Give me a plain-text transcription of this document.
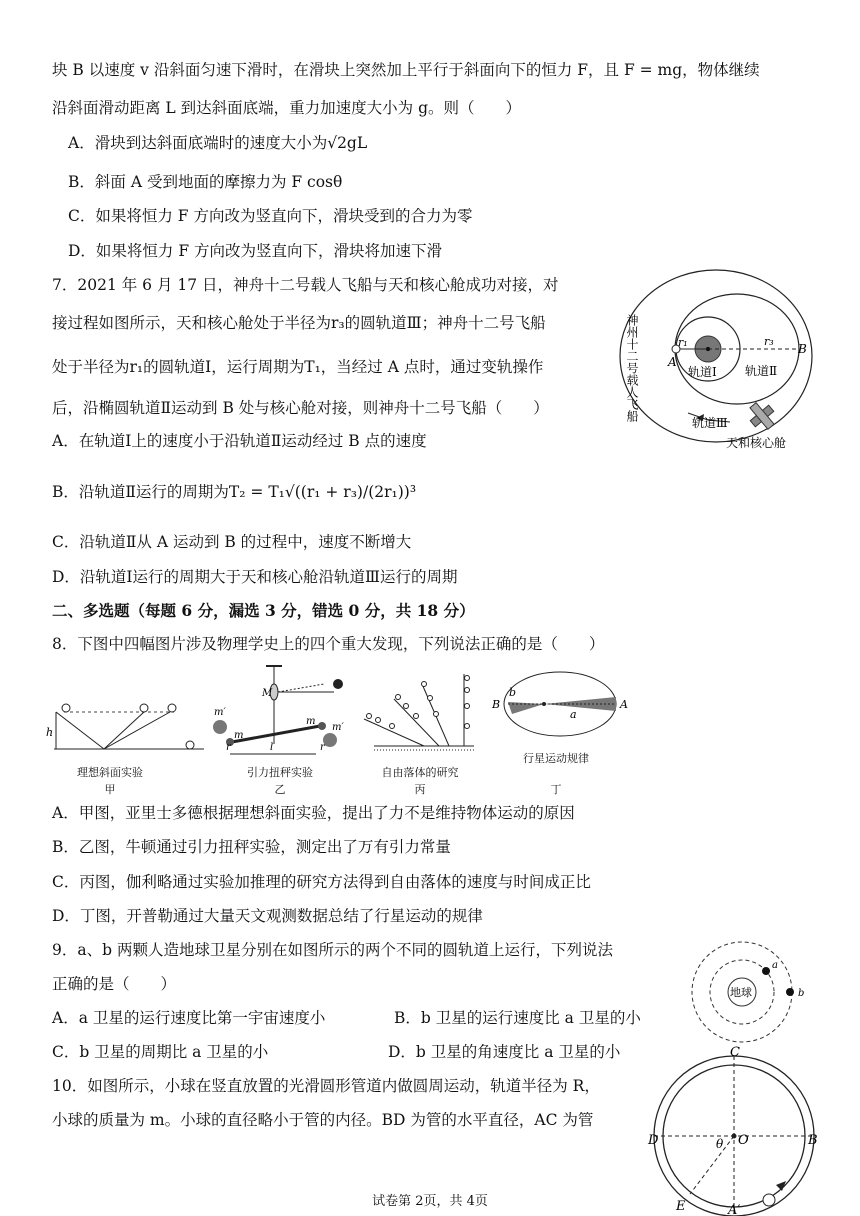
块 B 以速度 v 沿斜面匀速下滑时，在滑块上突然加上平行于斜面向下的恒力 F，且 F = mg，物体继续
沿斜面滑动距离 L 到达斜面底端，重力加速度大小为 g。则（　　）
A．滑块到达斜面底端时的速度大小为√2gL
B．斜面 A 受到地面的摩擦力为 F cosθ
C．如果将恒力 F 方向改为竖直向下，滑块受到的合力为零
D．如果将恒力 F 方向改为竖直向下，滑块将加速下滑
7．2021 年 6 月 17 日，神舟十二号载人飞船与天和核心舱成功对接，对
接过程如图所示，天和核心舱处于半径为r₃的圆轨道Ⅲ；神舟十二号飞船
处于半径为r₁的圆轨道Ⅰ，运行周期为T₁，当经过 A 点时，通过变轨操作
后，沿椭圆轨道Ⅱ运动到 B 处与核心舱对接，则神舟十二号飞船（　　）
A．在轨道Ⅰ上的速度小于沿轨道Ⅱ运动经过 B 点的速度
B．沿轨道Ⅱ运行的周期为T₂ = T₁√((r₁ + r₃)/(2r₁))³
C．沿轨道Ⅱ从 A 运动到 B 的过程中，速度不断增大
D．沿轨道Ⅰ运行的周期大于天和核心舱沿轨道Ⅲ运行的周期
神州十二号载人飞船	r₁	r₃
A
B
轨道Ⅰ 轨道Ⅱ
轨道Ⅲ
天和核心舱
二、多选题（每题 6 分，漏选 3 分，错选 0 分，共 18 分）
8．下图中四幅图片涉及物理学史上的四个重大发现，下列说法正确的是（　　）
h
m′
M
m
m
m′
r	l	r
b
a
B	A
理想斜面实验	引力扭秤实验	自由落体的研究
行星运动规律
甲	乙	丙	丁
A．甲图，亚里士多德根据理想斜面实验，提出了力不是维持物体运动的原因
B．乙图，牛顿通过引力扭秤实验，测定出了万有引力常量
C．丙图，伽利略通过实验加推理的研究方法得到自由落体的速度与时间成正比
D．丁图，开普勒通过大量天文观测数据总结了行星运动的规律
9．a、b 两颗人造地球卫星分别在如图所示的两个不同的圆轨道上运行，下列说法
正确的是（　　）
A．a 卫星的运行速度比第一宇宙速度小	B．b 卫星的运行速度比 a 卫星的小
C．b 卫星的周期比 a 卫星的小	D．b 卫星的角速度比 a 卫星的小
地球
a
b
10．如图所示，小球在竖直放置的光滑圆形管道内做圆周运动，轨道半径为 R，
小球的质量为 m。小球的直径略小于管的内径。BD 为管的水平直径，AC 为管
C
D	O	B
θ
E	A′
试卷第 2页，共 4页
